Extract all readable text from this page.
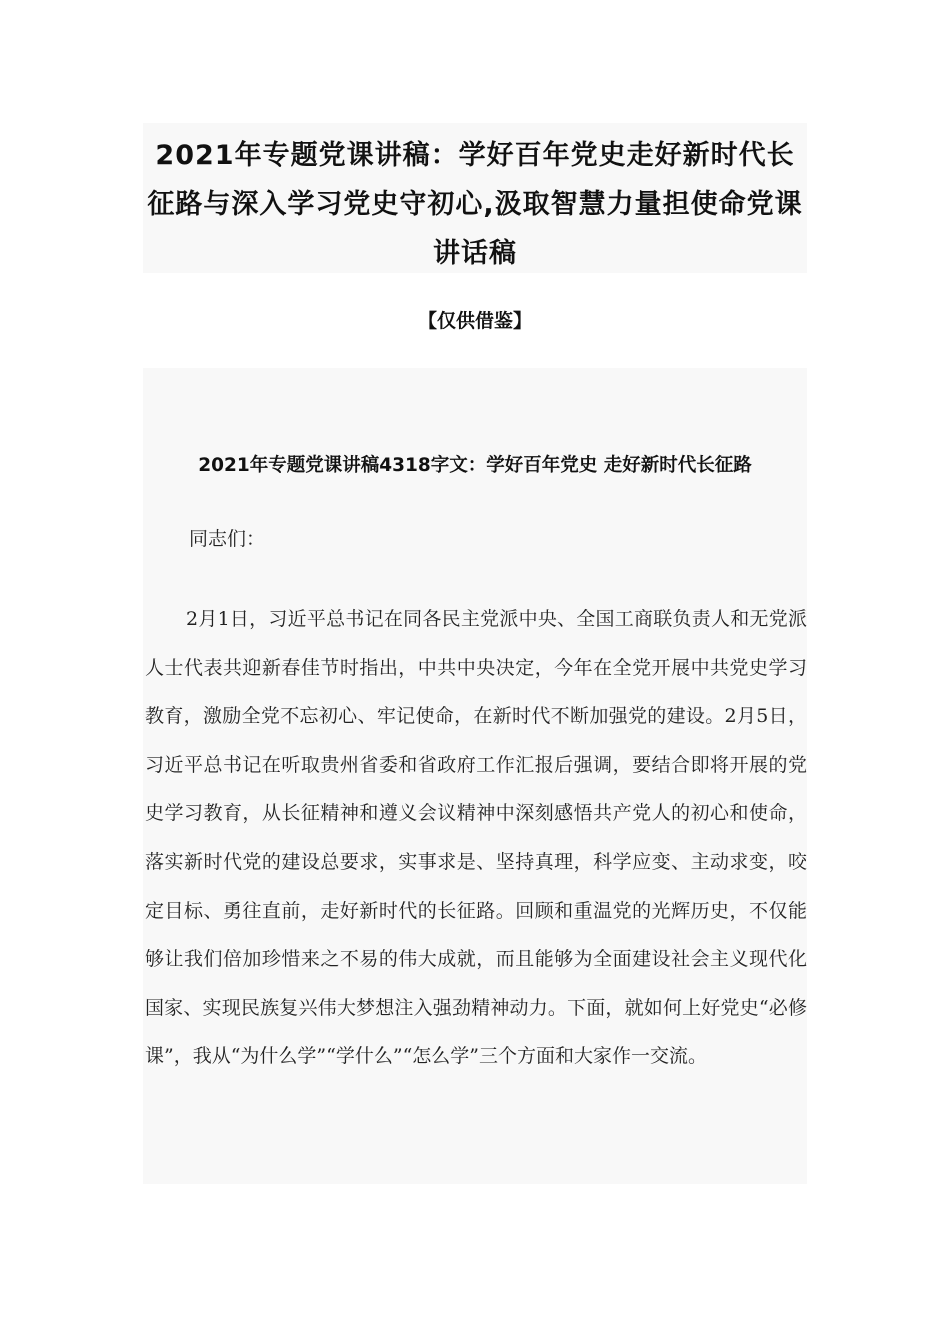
2021年专题党课讲稿：学好百年党史走好新时代长征路与深入学习党史守初心,汲取智慧力量担使命党课讲话稿
【仅供借鉴】
2021年专题党课讲稿4318字文：学好百年党史 走好新时代长征路
同志们：

2月1日，习近平总书记在同各民主党派中央、全国工商联负责人和无党派人士代表共迎新春佳节时指出，中共中央决定，今年在全党开展中共党史学习教育，激励全党不忘初心、牢记使命，在新时代不断加强党的建设。2月5日，习近平总书记在听取贵州省委和省政府工作汇报后强调，要结合即将开展的党史学习教育，从长征精神和遵义会议精神中深刻感悟共产党人的初心和使命，落实新时代党的建设总要求，实事求是、坚持真理，科学应变、主动求变，咬定目标、勇往直前，走好新时代的长征路。回顾和重温党的光辉历史，不仅能够让我们倍加珍惜来之不易的伟大成就，而且能够为全面建设社会主义现代化国家、实现民族复兴伟大梦想注入强劲精神动力。下面，就如何上好党史“必修课”，我从“为什么学”“学什么”“怎么学”三个方面和大家作一交流。
